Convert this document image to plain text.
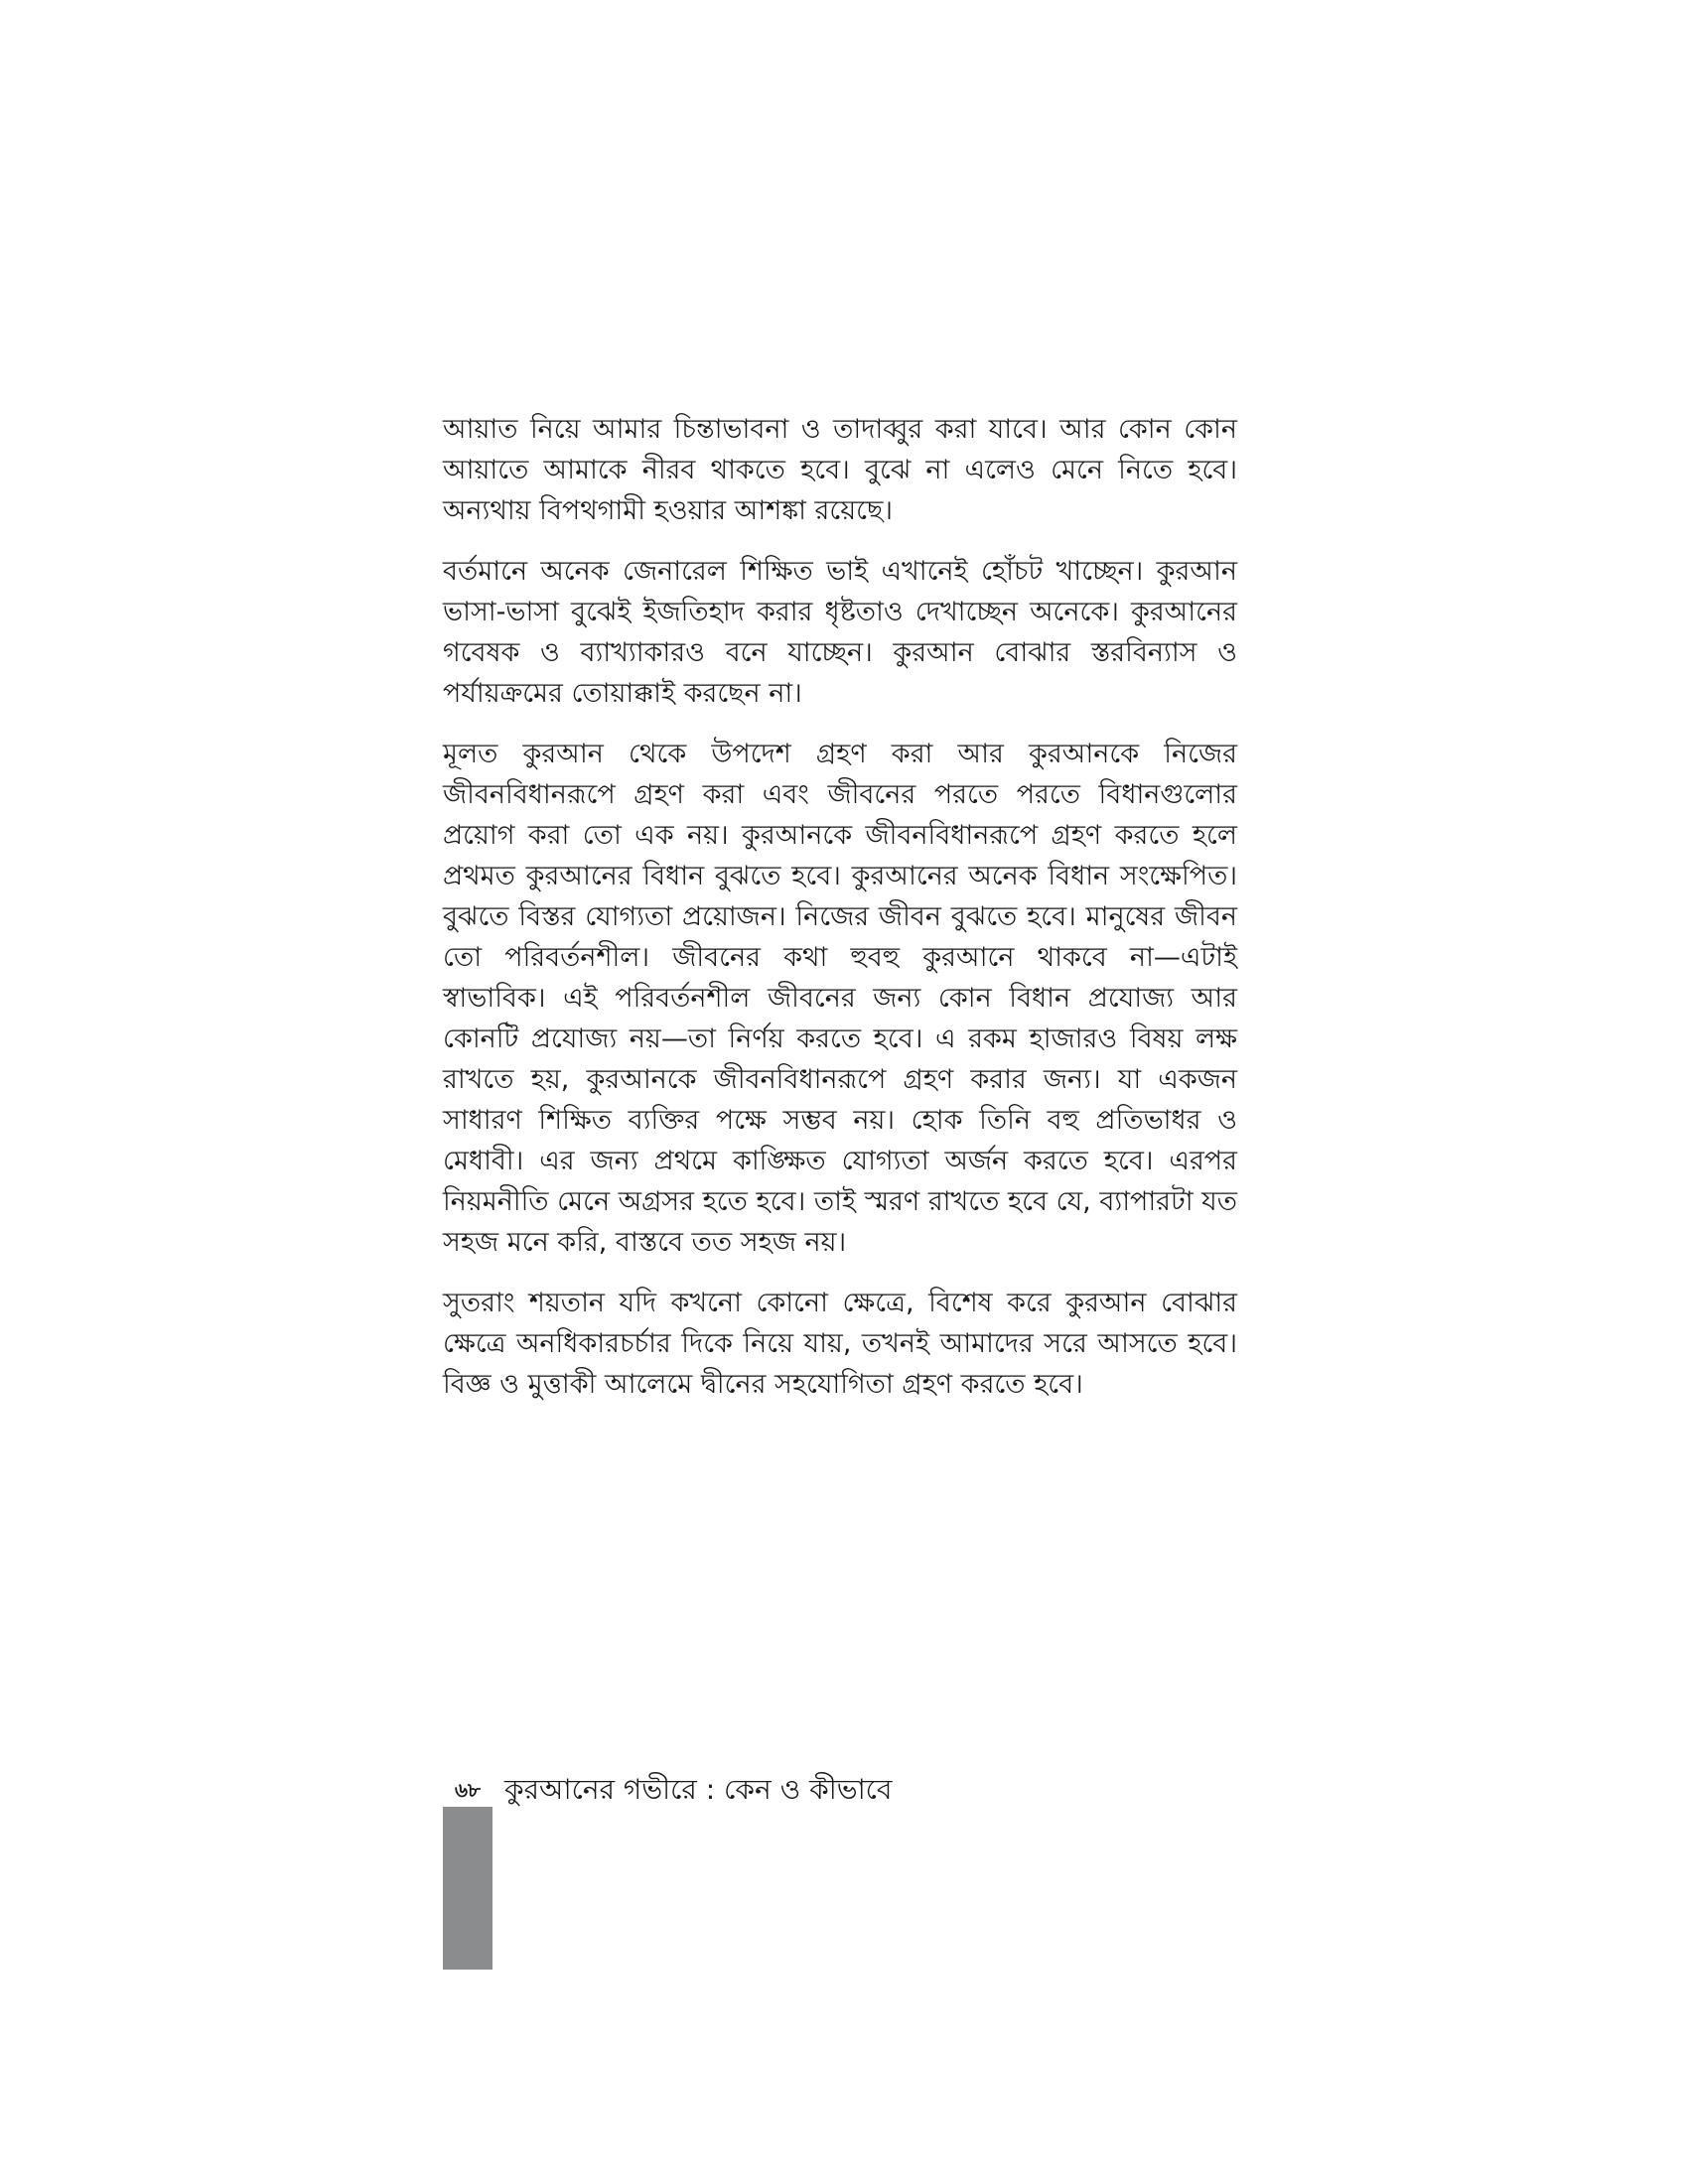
আয়াত নিয়ে আমার চিন্তাভাবনা ও তাদাব্বুর করা যাবে। আর কোন কোন আয়াতে আমাকে নীরব থাকতে হবে। বুঝে না এলেও মেনে নিতে হবে। অন্যথায় বিপথগামী হওয়ার আশঙ্কা রয়েছে।

বর্তমানে অনেক জেনারেল শিক্ষিত ভাই এখানেই হোঁচট খাচ্ছেন। কুরআন ভাসা-ভাসা বুঝেই ইজতিহাদ করার ধৃষ্টতাও দেখাচ্ছেন অনেকে। কুরআনের গবেষক ও ব্যাখ্যাকারও বনে যাচ্ছেন। কুরআন বোঝার স্তরবিন্যাস ও পর্যায়ক্রমের তোয়াক্কাই করছেন না।

মূলত কুরআন থেকে উপদেশ গ্রহণ করা আর কুরআনকে নিজের জীবনবিধানরূপে গ্রহণ করা এবং জীবনের পরতে পরতে বিধানগুলোর প্রয়োগ করা তো এক নয়। কুরআনকে জীবনবিধানরূপে গ্রহণ করতে হলে প্রথমত কুরআনের বিধান বুঝতে হবে। কুরআনের অনেক বিধান সংক্ষেপিত। বুঝতে বিস্তর যোগ্যতা প্রয়োজন। নিজের জীবন বুঝতে হবে। মানুষের জীবন তো পরিবর্তনশীল। জীবনের কথা হুবহু কুরআনে থাকবে না—এটাই স্বাভাবিক। এই পরিবর্তনশীল জীবনের জন্য কোন বিধান প্রযোজ্য আর কোনটি প্রযোজ্য নয়—তা নির্ণয় করতে হবে। এ রকম হাজারও বিষয় লক্ষ রাখতে হয়, কুরআনকে জীবনবিধানরূপে গ্রহণ করার জন্য। যা একজন সাধারণ শিক্ষিত ব্যক্তির পক্ষে সম্ভব নয়। হোক তিনি বহু প্রতিভাধর ও মেধাবী। এর জন্য প্রথমে কাঙ্ক্ষিত যোগ্যতা অর্জন করতে হবে। এরপর নিয়মনীতি মেনে অগ্রসর হতে হবে। তাই স্মরণ রাখতে হবে যে, ব্যাপারটা যত সহজ মনে করি, বাস্তবে তত সহজ নয়।

সুতরাং শয়তান যদি কখনো কোনো ক্ষেত্রে, বিশেষ করে কুরআন বোঝার ক্ষেত্রে অনধিকারচর্চার দিকে নিয়ে যায়, তখনই আমাদের সরে আসতে হবে। বিজ্ঞ ও মুত্তাকী আলেমে দ্বীনের সহযোগিতা গ্রহণ করতে হবে।

৬৮ কুরআনের গভীরে : কেন ও কীভাবে
